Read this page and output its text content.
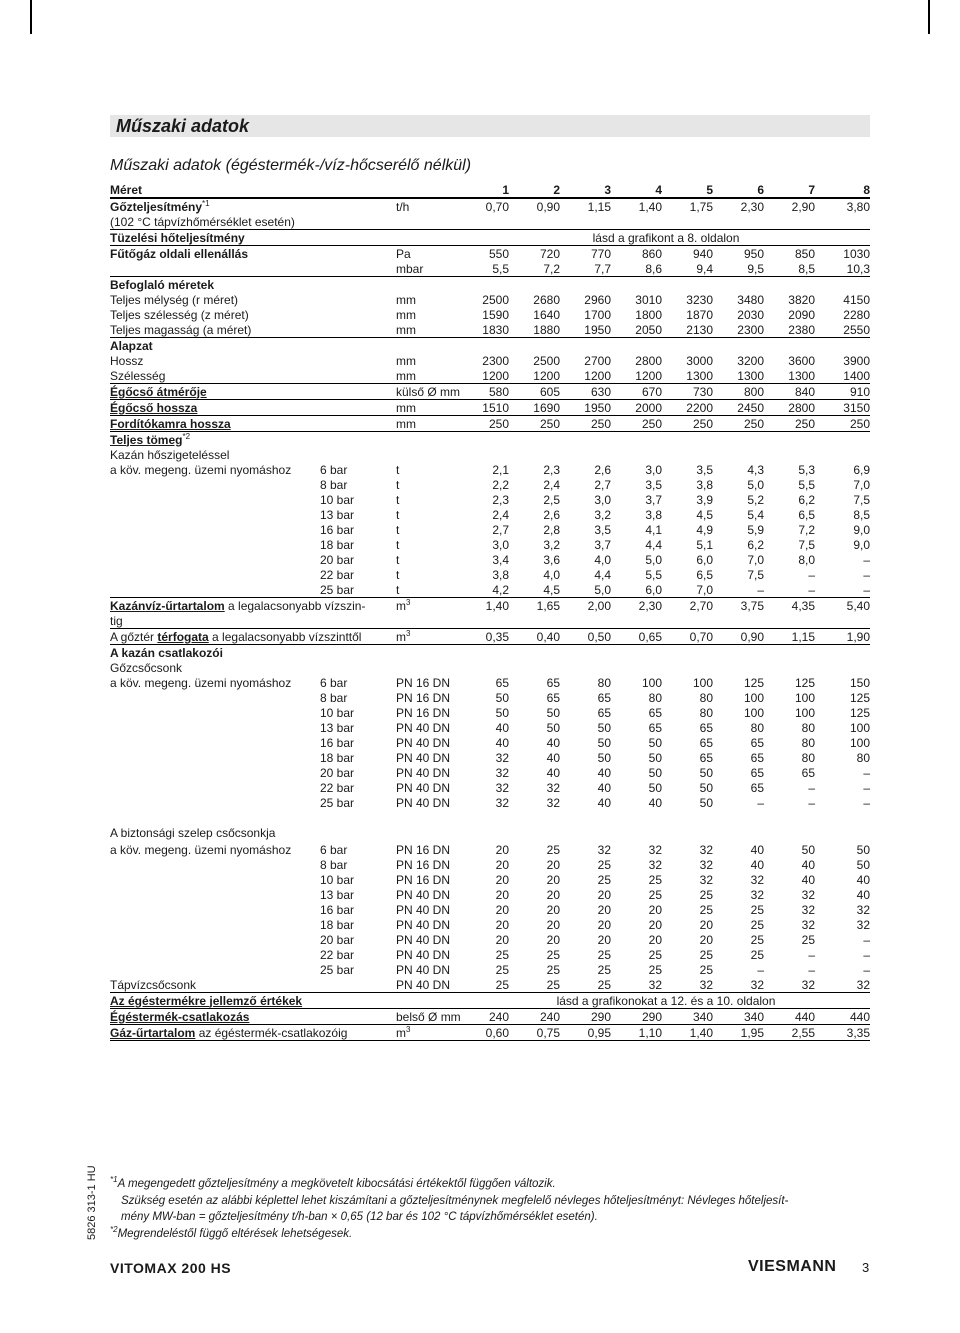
Műszaki adatok
Műszaki adatok (égéstermék-/víz-hőcserélő nélkül)
Méret			1	2	3	4	5	6	7	8
Gőzteljesítmény$^{*1}$		t/h	0,70	0,90	1,15	1,40	1,75	2,30	2,90	3,80
(102 °C tápvízhőmérséklet esetén)										
Tüzelési hőteljesítmény			lásd a grafikont a 8. oldalon							
Fűtőgáz oldali ellenállás		Pa	550	720	770	860	940	950	850	1030
		mbar	5,5	7,2	7,7	8,6	9,4	9,5	8,5	10,3
Befoglaló méretek										
Teljes mélység (r méret)		mm	2500	2680	2960	3010	3230	3480	3820	4150
Teljes szélesség (z méret)		mm	1590	1640	1700	1800	1870	2030	2090	2280
Teljes magasság (a méret)		mm	1830	1880	1950	2050	2130	2300	2380	2550
Alapzat										
Hossz		mm	2300	2500	2700	2800	3000	3200	3600	3900
Szélesség		mm	1200	1200	1200	1200	1300	1300	1300	1400
Égőcső átmérője		külső Ø mm	580	605	630	670	730	800	840	910
Égőcső hossza		mm	1510	1690	1950	2000	2200	2450	2800	3150
Fordítókamra hossza		mm	250	250	250	250	250	250	250	250
Teljes tömeg$^{*2}$									
Kazán hőszigeteléssel										
a köv. megeng. üzemi nyomáshoz	6 bar	t	2,1	2,3	2,6	3,0	3,5	4,3	5,3	6,9
	8 bar	t	2,2	2,4	2,7	3,5	3,8	5,0	5,5	7,0
	10 bar	t	2,3	2,5	3,0	3,7	3,9	5,2	6,2	7,5
	13 bar	t	2,4	2,6	3,2	3,8	4,5	5,4	6,5	8,5
	16 bar	t	2,7	2,8	3,5	4,1	4,9	5,9	7,2	9,0
	18 bar	t	3,0	3,2	3,7	4,4	5,1	6,2	7,5	9,0
	20 bar	t	3,4	3,6	4,0	5,0	6,0	7,0	8,0	–
	22 bar	t	3,8	4,0	4,4	5,5	6,5	7,5	–	–
	25 bar	t	4,2	4,5	5,0	6,0	7,0	–	–	–
Kazánvíz-űrtartalom a legalacsonyabb vízszin-		$m^3$	1,40	1,65	2,00	2,30	2,70	3,75	4,35	5,40
tig										
A gőztér térfogata a legalacsonyabb vízszinttől		$m^3$	0,35	0,40	0,50	0,65	0,70	0,90	1,15	1,90
A kazán csatlakozói										
Gőzcsőcsonk										
a köv. megeng. üzemi nyomáshoz	6 bar	PN 16 DN	65	65	80	100	100	125	125	150
	8 bar	PN 16 DN	50	65	65	80	80	100	100	125
	10 bar	PN 16 DN	50	50	65	65	80	100	100	125
	13 bar	PN 40 DN	40	50	50	65	65	80	80	100
	16 bar	PN 40 DN	40	40	50	50	65	65	80	100
	18 bar	PN 40 DN	32	40	50	50	65	65	80	80
	20 bar	PN 40 DN	32	40	40	50	50	65	65	–
	22 bar	PN 40 DN	32	32	40	50	50	65	–	–
	25 bar	PN 40 DN	32	32	40	40	50	–	–	–
A biztonsági szelep csőcsonkja										
a köv. megeng. üzemi nyomáshoz	6 bar	PN 16 DN	20	25	32	32	32	40	50	50
	8 bar	PN 16 DN	20	20	25	32	32	40	40	50
	10 bar	PN 16 DN	20	20	25	25	32	32	40	40
	13 bar	PN 40 DN	20	20	20	25	25	32	32	40
	16 bar	PN 40 DN	20	20	20	20	25	25	32	32
	18 bar	PN 40 DN	20	20	20	20	20	25	32	32
	20 bar	PN 40 DN	20	20	20	20	20	25	25	–
	22 bar	PN 40 DN	25	25	25	25	25	25	–	–
	25 bar	PN 40 DN	25	25	25	25	25	–	–	–
Tápvízcsőcsonk		PN 40 DN	25	25	25	32	32	32	32	32
Az égéstermékre jellemző értékek			lásd a grafikonokat a 12. és a 10. oldalon							
Égéstermék-csatlakozás		belső Ø mm	240	240	290	290	340	340	440	440
Gáz-űrtartalom az égéstermék-csatlakozóig		$m^3$	0,60	0,75	0,95	1,10	1,40	1,95	2,55	3,35
5826 313-1 HU $^{*1}$A megengedett gőzteljesítmény a megkövetelt kibocsátási értékektől függően változik.
Szükség esetén az alábbi képlettel lehet kiszámítani a gőzteljesítménynek megfelelő névleges hőteljesítményt: Névleges hőteljesít-
mény MW-ban = gőzteljesítmény t/h-ban × 0,65 (12 bar és 102 °C tápvízhőmérséklet esetén).
$^{*2}$Megrendeléstől függő eltérések lehetségesek.
VITOMAX 200 HS	VIESMANN 3
